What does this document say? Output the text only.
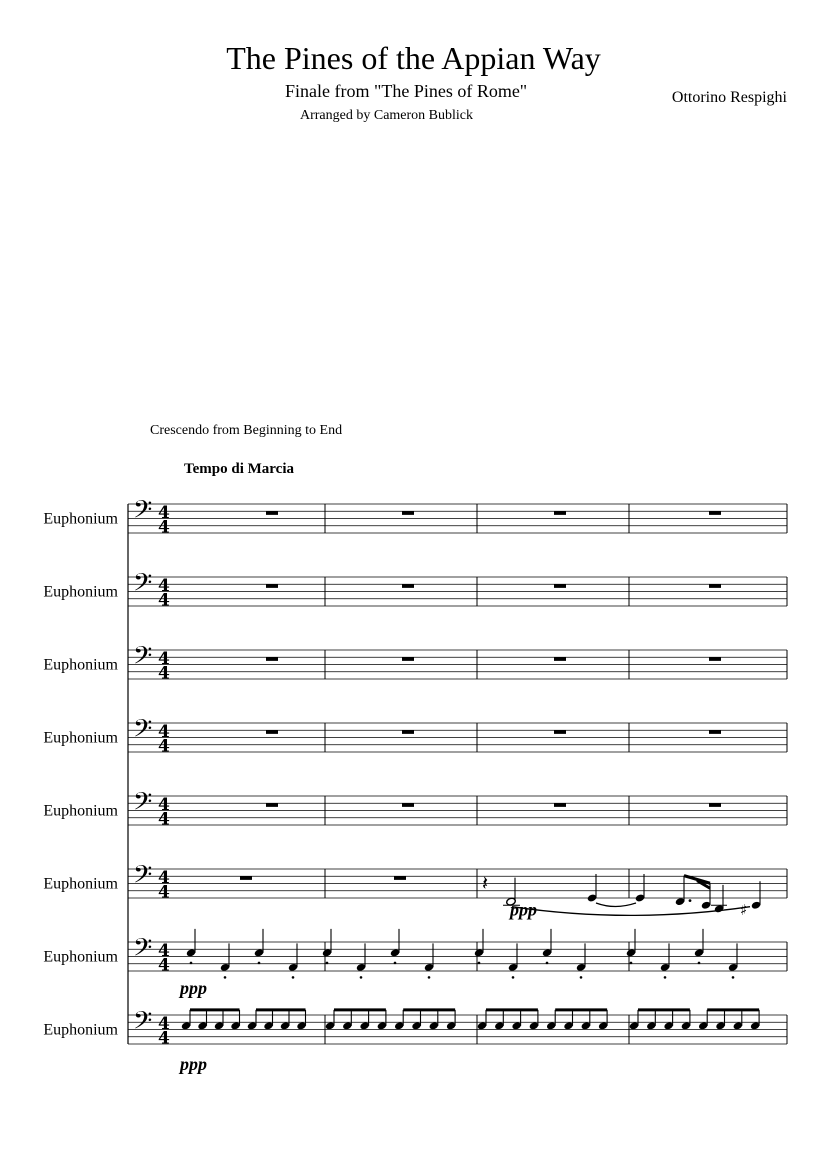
The Pines of the Appian Way
Finale from "The Pines of Rome"
Arranged by Cameron Bublick
Ottorino Respighi
Crescendo from Beginning to End
Tempo di Marcia
Euphonium 𝄢 4
4
Euphonium 𝄢 4
4
Euphonium 𝄢 4
4
Euphonium 𝄢 4
4
Euphonium 𝄢 4
4
Euphonium 𝄢 4
4	𝄽
♯
ppp
Euphonium 𝄢 4
4
ppp
Euphonium 𝄢 4
4
ppp
